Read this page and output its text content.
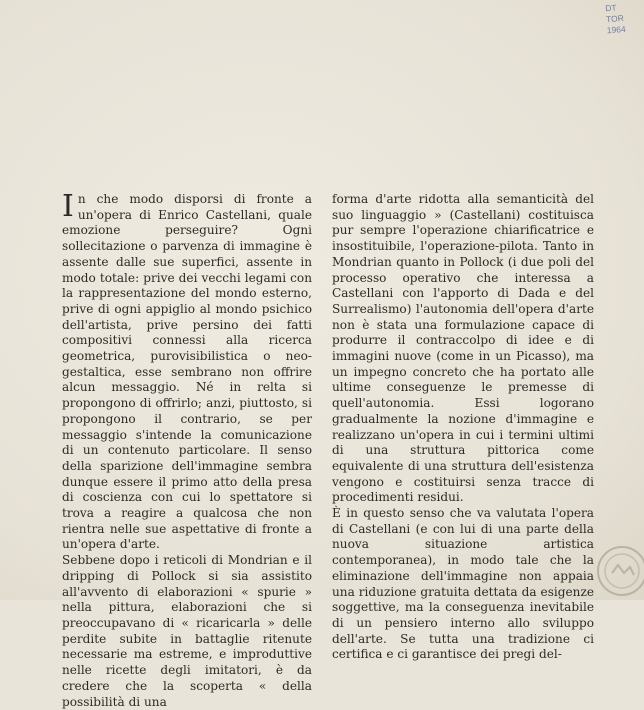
DT
TOR
1964

In che modo disporsi di fronte a un'opera di Enrico Castellani, quale emozione perseguire? Ogni sollecitazione o parvenza di immagine è assente dalle sue superfici, assente in modo totale: prive dei vecchi legami con la rappresentazione del mondo esterno, prive di ogni appiglio al mondo psichico dell'artista, prive persino dei fatti compositivi connessi alla ricerca geometrica, purovisibilistica o neo-gestaltica, esse sembrano non offrire alcun messaggio. Né in relta si propongono di offrirlo; anzi, piuttosto, si propongono il contrario, se per messaggio s'intende la comunicazione di un contenuto particolare. Il senso della sparizione dell'immagine sembra dunque essere il primo atto della presa di coscienza con cui lo spettatore si trova a reagire a qualcosa che non rientra nelle sue aspettative di fronte a un'opera d'arte.

Sebbene dopo i reticoli di Mondrian e il dripping di Pollock si sia assistito all'avvento di elaborazioni « spurie » nella pittura, elaborazioni che si preoccupavano di « ricaricarla » delle perdite subite in battaglie ritenute necessarie ma estreme, e improduttive nelle ricette degli imitatori, è da credere che la scoperta « della possibilità di una

forma d'arte ridotta alla semanticità del suo linguaggio » (Castellani) costituisca pur sempre l'operazione chiarificatrice e insostituibile, l'operazione-pilota. Tanto in Mondrian quanto in Pollock (i due poli del processo operativo che interessa a Castellani con l'apporto di Dada e del Surrealismo) l'autonomia dell'opera d'arte non è stata una formulazione capace di produrre il contraccolpo di idee e di immagini nuove (come in un Picasso), ma un impegno concreto che ha portato alle ultime conseguenze le premesse di quell'autonomia. Essi logorano gradualmente la nozione d'immagine e realizzano un'opera in cui i termini ultimi di una struttura pittorica come equivalente di una struttura dell'esistenza vengono e costituirsi senza tracce di procedimenti residui.

È in questo senso che va valutata l'opera di Castellani (e con lui di una parte della nuova situazione artistica contemporanea), in modo tale che la eliminazione dell'immagine non appaia una riduzione gratuita dettata da esigenze soggettive, ma la conseguenza inevitabile di un pensiero interno allo sviluppo dell'arte. Se tutta una tradizione ci certifica e ci garantisce dei pregi del-
